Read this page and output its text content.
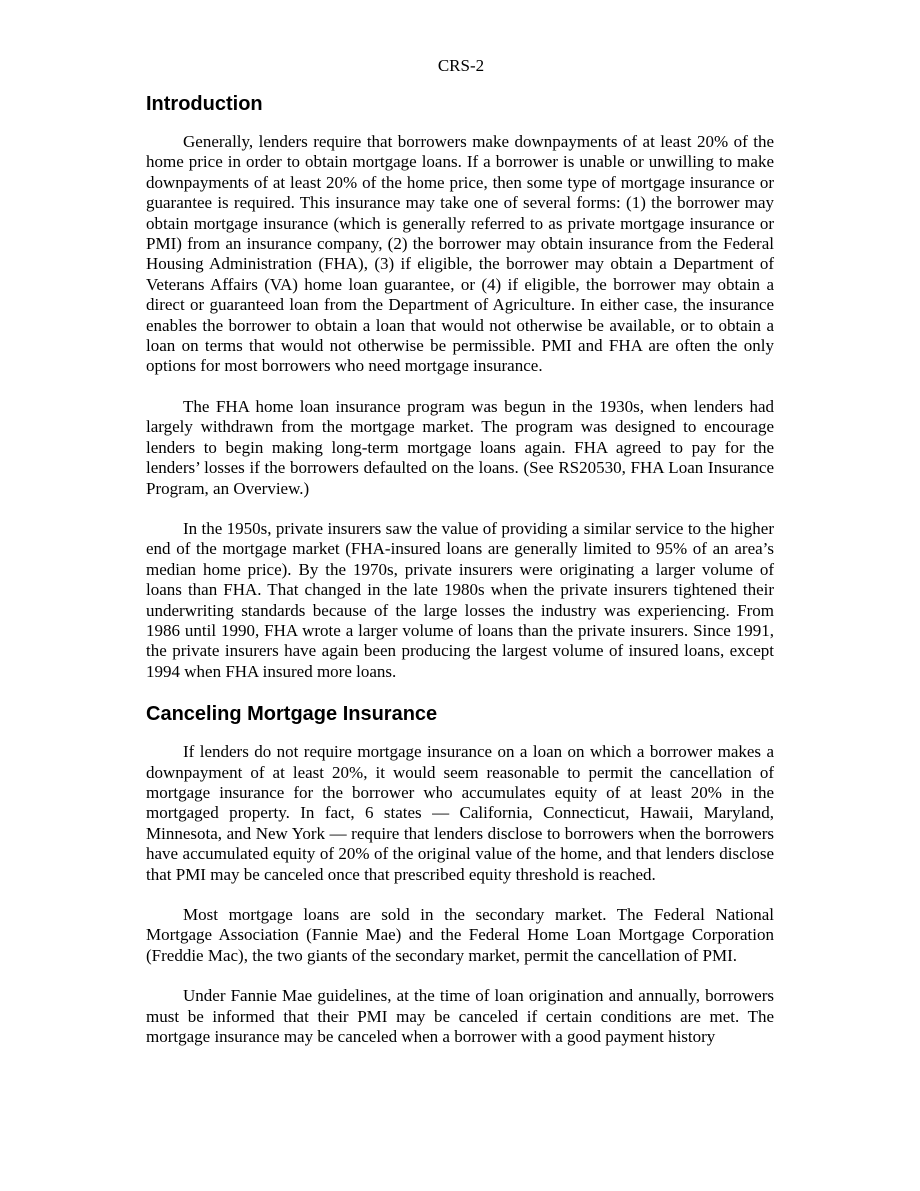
CRS-2
Introduction

Generally, lenders require that borrowers make downpayments of at least 20% of the home price in order to obtain mortgage loans. If a borrower is unable or unwilling to make downpayments of at least 20% of the home price, then some type of mortgage insurance or guarantee is required. This insurance may take one of several forms: (1) the borrower may obtain mortgage insurance (which is generally referred to as private mortgage insurance or PMI) from an insurance company, (2) the borrower may obtain insurance from the Federal Housing Administration (FHA), (3) if eligible, the borrower may obtain a Department of Veterans Affairs (VA) home loan guarantee, or (4) if eligible, the borrower may obtain a direct or guaranteed loan from the Department of Agriculture. In either case, the insurance enables the borrower to obtain a loan that would not otherwise be available, or to obtain a loan on terms that would not otherwise be permissible. PMI and FHA are often the only options for most borrowers who need mortgage insurance.

The FHA home loan insurance program was begun in the 1930s, when lenders had largely withdrawn from the mortgage market. The program was designed to encourage lenders to begin making long-term mortgage loans again. FHA agreed to pay for the lenders’ losses if the borrowers defaulted on the loans. (See RS20530, FHA Loan Insurance Program, an Overview.)

In the 1950s, private insurers saw the value of providing a similar service to the higher end of the mortgage market (FHA-insured loans are generally limited to 95% of an area’s median home price). By the 1970s, private insurers were originating a larger volume of loans than FHA. That changed in the late 1980s when the private insurers tightened their underwriting standards because of the large losses the industry was experiencing. From 1986 until 1990, FHA wrote a larger volume of loans than the private insurers. Since 1991, the private insurers have again been producing the largest volume of insured loans, except 1994 when FHA insured more loans.

Canceling Mortgage Insurance

If lenders do not require mortgage insurance on a loan on which a borrower makes a downpayment of at least 20%, it would seem reasonable to permit the cancellation of mortgage insurance for the borrower who accumulates equity of at least 20% in the mortgaged property. In fact, 6 states — California, Connecticut, Hawaii, Maryland, Minnesota, and New York — require that lenders disclose to borrowers when the borrowers have accumulated equity of 20% of the original value of the home, and that lenders disclose that PMI may be canceled once that prescribed equity threshold is reached.

Most mortgage loans are sold in the secondary market. The Federal National Mortgage Association (Fannie Mae) and the Federal Home Loan Mortgage Corporation (Freddie Mac), the two giants of the secondary market, permit the cancellation of PMI.

Under Fannie Mae guidelines, at the time of loan origination and annually, borrowers must be informed that their PMI may be canceled if certain conditions are met. The mortgage insurance may be canceled when a borrower with a good payment history
